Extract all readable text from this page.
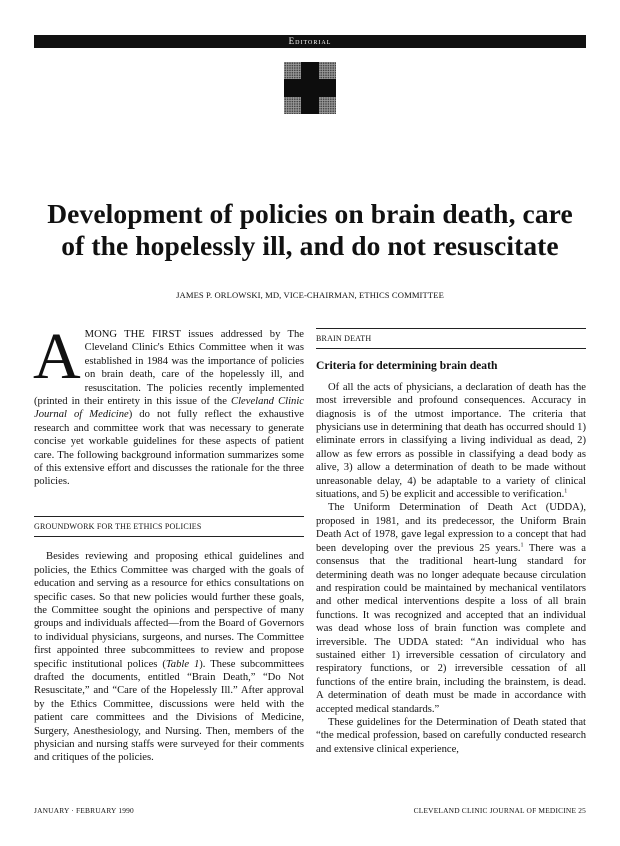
Editorial
Development of policies on brain death, care
of the hopelessly ill, and do not resuscitate
JAMES P. ORLOWSKI, MD, VICE-CHAIRMAN, ETHICS COMMITTEE

AMONG THE FIRST issues addressed by The Cleveland Clinic's Ethics Committee when it was established in 1984 was the importance of policies on brain death, care of the hopelessly ill, and resuscitation. The policies recently implemented (printed in their entirety in this issue of the Cleveland Clinic Journal of Medicine) do not fully reflect the exhaustive research and committee work that was necessary to generate concise yet workable guidelines for these aspects of patient care. The following background information summarizes some of this extensive effort and discusses the rationale for the three policies.

GROUNDWORK FOR THE ETHICS POLICIES

Besides reviewing and proposing ethical guidelines and policies, the Ethics Committee was charged with the goals of education and serving as a resource for ethics consultations on specific cases. So that new policies would further these goals, the Committee sought the opinions and perspective of many groups and individuals affected—from the Board of Governors to individual physicians, surgeons, and nurses. The Committee first appointed three subcommittees to review and propose specific institutional polices (Table 1). These subcommittees drafted the documents, entitled “Brain Death,” “Do Not Resuscitate,” and “Care of the Hopelessly Ill.” After approval by the Ethics Committee, discussions were held with the patient care committees and the Divisions of Medicine, Surgery, Anesthesiology, and Nursing. Then, members of the physician and nursing staffs were surveyed for their comments and critiques of the policies.

BRAIN DEATH
Criteria for determining brain death

Of all the acts of physicians, a declaration of death has the most irreversible and profound consequences. Accuracy in diagnosis is of the utmost importance. The criteria that physicians use in determining that death has occurred should 1) eliminate errors in classifying a living individual as dead, 2) allow as few errors as possible in classifying a dead body as alive, 3) allow a determination of death to be made without unreasonable delay, 4) be adaptable to a variety of clinical situations, and 5) be explicit and accessible to verification.$^1$

The Uniform Determination of Death Act (UDDA), proposed in 1981, and its predecessor, the Uniform Brain Death Act of 1978, gave legal expression to a concept that had been developing over the previous 25 years.$^1$ There was a consensus that the traditional heart-lung standard for determining death was no longer adequate because circulation and respiration could be maintained by mechanical ventilators and other medical interventions despite a loss of all brain functions. It was recognized and accepted that an individual was dead whose loss of brain function was complete and irreversible. The UDDA stated: “An individual who has sustained either 1) irreversible cessation of circulatory and respiratory functions, or 2) irreversible cessation of all functions of the entire brain, including the brainstem, is dead. A determination of death must be made in accordance with accepted medical standards.”

These guidelines for the Determination of Death stated that “the medical profession, based on carefully conducted research and extensive clinical experience,

JANUARY · FEBRUARY 1990	CLEVELAND CLINIC JOURNAL OF MEDICINE 25
